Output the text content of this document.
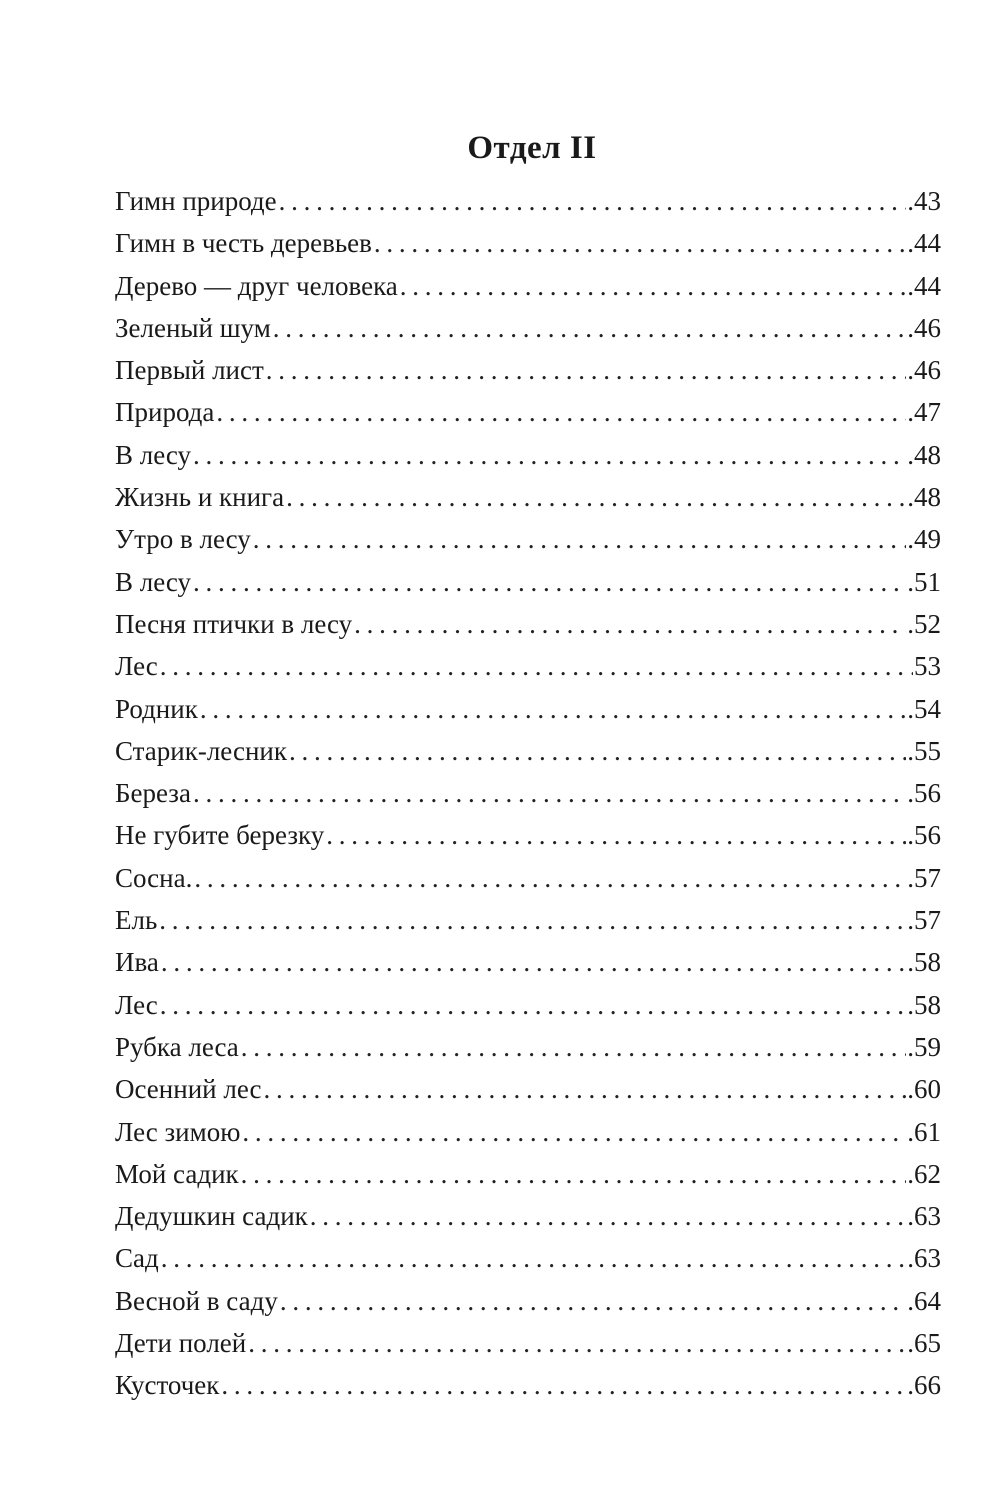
Отдел II
Гимн природе . . .	.43
Гимн в честь деревьев . . .	.44
Дерево — друг человека . . .	.44
Зеленый шум . . .	.46
Первый лист . . .	.46
Природа . . .	.47
В лесу . . .	.48
Жизнь и книга . . .	.48
Утро в лесу . . .	.49
В лесу . . .	.51
Песня птички в лесу . . .	.52
Лес . . .	53
Родник . . .	.54
Старик-лесник . . .	.55
Береза . . .	.56
Не губите березку . . .	.56
Сосна. . . .	.57
Ель . . .	.57
Ива . . .	.58
Лес . . .	.58
Рубка леса . . .	.59
Осенний лес . . .	.60
Лес зимою . . .	.61
Мой садик . . .	.62
Дедушкин садик . . .	.63
Сад . . .	.63
Весной в саду . . .	.64
Дети полей . . .	.65
Кусточек . . .	.66
